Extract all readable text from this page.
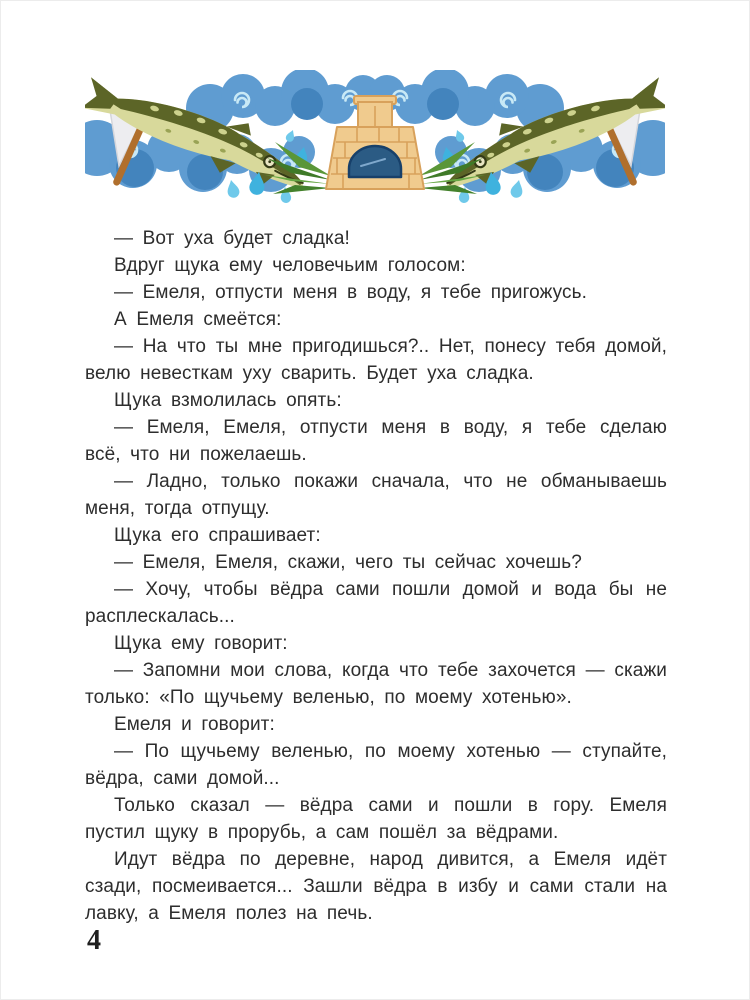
— Вот уха будет сладка!

Вдруг щука ему человечьим голосом:

— Емеля, отпусти меня в воду, я тебе пригожусь.

А Емеля смеётся:

— На что ты мне пригодишься?.. Нет, понесу тебя домой, велю невесткам уху сварить. Будет уха сладка.

Щука взмолилась опять:

— Емеля, Емеля, отпусти меня в воду, я тебе сделаю всё, что ни пожелаешь.

— Ладно, только покажи сначала, что не обманываешь меня, тогда отпущу.

Щука его спрашивает:

— Емеля, Емеля, скажи, чего ты сейчас хочешь?

— Хочу, чтобы вёдра сами пошли домой и вода бы не расплескалась...

Щука ему говорит:

— Запомни мои слова, когда что тебе захочется — скажи только: «По щучьему веленью, по моему хотенью».

Емеля и говорит:

— По щучьему веленью, по моему хотенью — ступайте, вёдра, сами домой...

Только сказал — вёдра сами и пошли в гору. Емеля пустил щуку в прорубь, а сам пошёл за вёдрами.

Идут вёдра по деревне, народ дивится, а Емеля идёт сзади, посмеивается... Зашли вёдра в избу и сами стали на лавку, а Емеля полез на печь.

4
